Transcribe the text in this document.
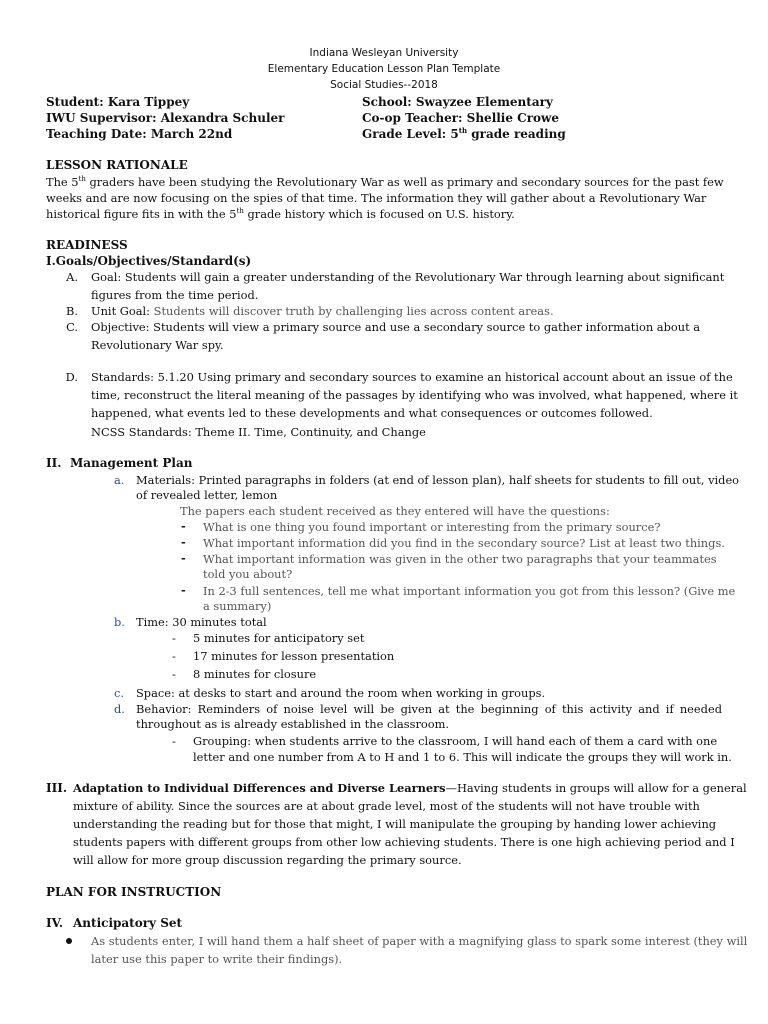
Indiana Wesleyan University
Elementary Education Lesson Plan Template
Social Studies--2018
Student: Kara Tippey
IWU Supervisor: Alexandra Schuler
Teaching Date: March 22nd
School: Swayzee Elementary
Co-op Teacher: Shellie Crowe
Grade Level: 5th grade reading
LESSON RATIONALE
The 5th graders have been studying the Revolutionary War as well as primary and secondary sources for the past few
weeks and are now focusing on the spies of that time. The information they will gather about a Revolutionary War
historical figure fits in with the 5th grade history which is focused on U.S. history.
READINESS
I.Goals/Objectives/Standard(s)
A. Goal: Students will gain a greater understanding of the Revolutionary War through learning about significant
figures from the time period.
B. Unit Goal: Students will discover truth by challenging lies across content areas.
C. Objective: Students will view a primary source and use a secondary source to gather information about a
Revolutionary War spy.
D. Standards: 5.1.20 Using primary and secondary sources to examine an historical account about an issue of the
time, reconstruct the literal meaning of the passages by identifying who was involved, what happened, where it
happened, what events led to these developments and what consequences or outcomes followed.
NCSS Standards: Theme II. Time, Continuity, and Change
II. Management Plan
a. Materials: Printed paragraphs in folders (at end of lesson plan), half sheets for students to fill out, video
of revealed letter, lemon
The papers each student received as they entered will have the questions:
- What is one thing you found important or interesting from the primary source?
- What important information did you find in the secondary source? List at least two things.
- What important information was given in the other two paragraphs that your teammates
told you about?
- In 2-3 full sentences, tell me what important information you got from this lesson? (Give me
a summary)
b. Time: 30 minutes total
- 5 minutes for anticipatory set
- 17 minutes for lesson presentation
- 8 minutes for closure
c. Space: at desks to start and around the room when working in groups.
d. Behavior: Reminders of noise level will be given at the beginning of this activity and if needed
throughout as is already established in the classroom.
- Grouping: when students arrive to the classroom, I will hand each of them a card with one
letter and one number from A to H and 1 to 6. This will indicate the groups they will work in.
III. Adaptation to Individual Differences and Diverse Learners—Having students in groups will allow for a general
mixture of ability. Since the sources are at about grade level, most of the students will not have trouble with
understanding the reading but for those that might, I will manipulate the grouping by handing lower achieving
students papers with different groups from other low achieving students. There is one high achieving period and I
will allow for more group discussion regarding the primary source.
PLAN FOR INSTRUCTION
IV. Anticipatory Set
As students enter, I will hand them a half sheet of paper with a magnifying glass to spark some interest (they will
later use this paper to write their findings).
